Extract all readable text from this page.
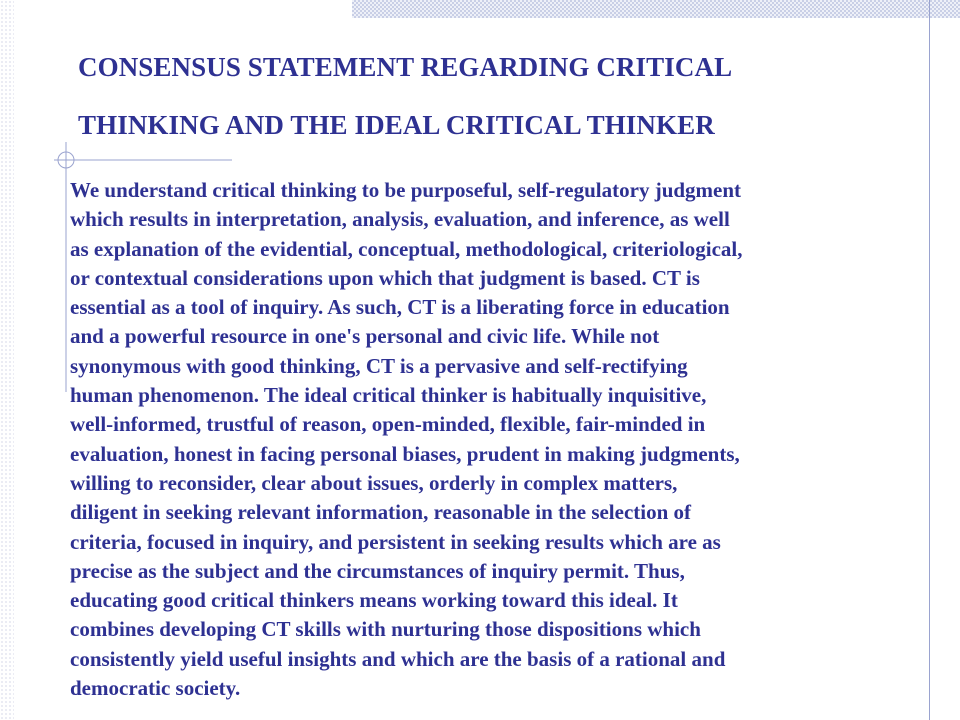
CONSENSUS STATEMENT REGARDING CRITICAL
THINKING AND THE IDEAL CRITICAL THINKER

We understand critical thinking to be purposeful, self-regulatory judgment
which results in interpretation, analysis, evaluation, and inference, as well
as explanation of the evidential, conceptual, methodological, criteriological,
or contextual considerations upon which that judgment is based. CT is
essential as a tool of inquiry. As such, CT is a liberating force in education
and a powerful resource in one's personal and civic life. While not
synonymous with good thinking, CT is a pervasive and self-rectifying
human phenomenon. The ideal critical thinker is habitually inquisitive,
well-informed, trustful of reason, open-minded, flexible, fair-minded in
evaluation, honest in facing personal biases, prudent in making judgments,
willing to reconsider, clear about issues, orderly in complex matters,
diligent in seeking relevant information, reasonable in the selection of
criteria, focused in inquiry, and persistent in seeking results which are as
precise as the subject and the circumstances of inquiry permit. Thus,
educating good critical thinkers means working toward this ideal. It
combines developing CT skills with nurturing those dispositions which
consistently yield useful insights and which are the basis of a rational and
democratic society.
